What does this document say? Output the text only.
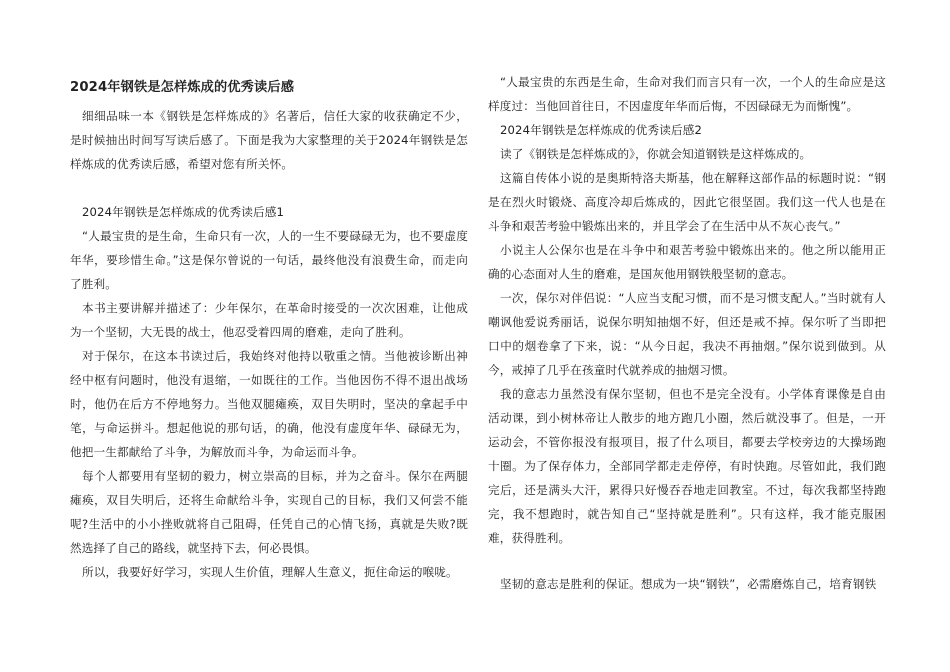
2024年钢铁是怎样炼成的优秀读后感

细细品味一本《钢铁是怎样炼成的》名著后，信任大家的收获确定不少，是时候抽出时间写写读后感了。下面是我为大家整理的关于2024年钢铁是怎样炼成的优秀读后感，希望对您有所关怀。

2024年钢铁是怎样炼成的优秀读后感1

“人最宝贵的是生命，生命只有一次，人的一生不要碌碌无为，也不要虚度年华，要珍惜生命。”这是保尔曾说的一句话，最终他没有浪费生命，而走向了胜利。

本书主要讲解并描述了：少年保尔，在革命时接受的一次次困难，让他成为一个坚韧，大无畏的战士，他忍受着四周的磨难，走向了胜利。

对于保尔，在这本书读过后，我始终对他持以敬重之情。当他被诊断出神经中枢有问题时，他没有退缩，一如既往的工作。当他因伤不得不退出战场时，他仍在后方不停地努力。当他双腿瘫痪，双目失明时，坚决的拿起手中笔，与命运拼斗。想起他说的那句话，的确，他没有虚度年华、碌碌无为，他把一生都献给了斗争，为解放而斗争，为命运而斗争。

每个人都要用有坚韧的毅力，树立崇高的目标，并为之奋斗。保尔在两腿瘫痪，双目失明后，还将生命献给斗争，实现自己的目标，我们又何尝不能呢?生活中的小小挫败就将自己阻碍，任凭自己的心情飞扬，真就是失败?既然选择了自己的路线，就坚持下去，何必畏惧。

所以，我要好好学习，实现人生价值，理解人生意义，扼住命运的喉咙。

“人最宝贵的东西是生命，生命对我们而言只有一次，一个人的生命应是这样度过：当他回首往日，不因虚度年华而后悔，不因碌碌无为而惭愧”。

2024年钢铁是怎样炼成的优秀读后感2

读了《钢铁是怎样炼成的》，你就会知道钢铁是这样炼成的。

这篇自传体小说的是奥斯特洛夫斯基，他在解释这部作品的标题时说：“钢是在烈火时锻烧、高度冷却后炼成的，因此它很坚固。我们这一代人也是在斗争和艰苦考验中锻炼出来的，并且学会了在生活中从不灰心丧气。”

小说主人公保尔也是在斗争中和艰苦考验中锻炼出来的。他之所以能用正确的心态面对人生的磨难，是国灰他用钢铁般坚韧的意志。

一次，保尔对伴侣说：“人应当支配习惯，而不是习惯支配人。”当时就有人嘲讽他爱说秀丽话，说保尔明知抽烟不好，但还是戒不掉。保尔听了当即把口中的烟卷拿了下来，说：“从今日起，我决不再抽烟。”保尔说到做到。从今，戒掉了几乎在孩童时代就养成的抽烟习惯。

我的意志力虽然没有保尔坚韧，但也不是完全没有。小学体育课像是自由活动课，到小树林帝让人散步的地方跑几小圈，然后就没事了。但是，一开运动会，不管你报没有报项目，报了什么项目，都要去学校旁边的大操场跑十圈。为了保存体力，全部同学都走走停停，有时快跑。尽管如此，我们跑完后，还是满头大汗，累得只好慢吞吞地走回教室。不过，每次我都坚持跑完，我不想跑时，就告知自己“坚持就是胜利”。只有这样，我才能克服困难，获得胜利。

坚韧的意志是胜利的保证。想成为一块“钢铁”，必需磨炼自己，培育钢铁
